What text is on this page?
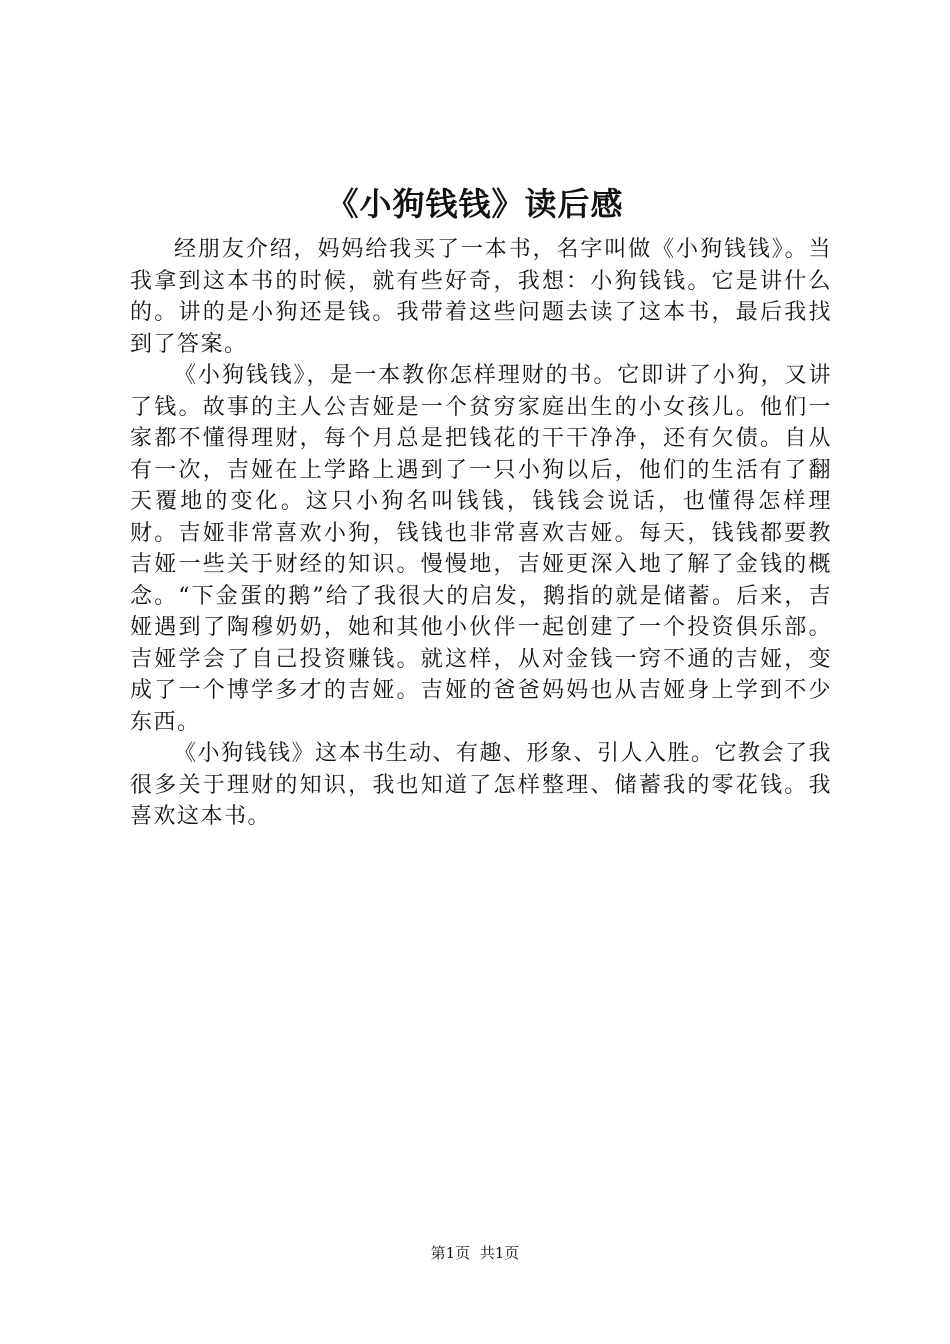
《小狗钱钱》读后感

经朋友介绍，妈妈给我买了一本书，名字叫做《小狗钱钱》。当我拿到这本书的时候，就有些好奇，我想：小狗钱钱。它是讲什么的。讲的是小狗还是钱。我带着这些问题去读了这本书，最后我找到了答案。

《小狗钱钱》，是一本教你怎样理财的书。它即讲了小狗，又讲了钱。故事的主人公吉娅是一个贫穷家庭出生的小女孩儿。他们一家都不懂得理财，每个月总是把钱花的干干净净，还有欠债。自从有一次，吉娅在上学路上遇到了一只小狗以后，他们的生活有了翻天覆地的变化。这只小狗名叫钱钱，钱钱会说话，也懂得怎样理财。吉娅非常喜欢小狗，钱钱也非常喜欢吉娅。每天，钱钱都要教吉娅一些关于财经的知识。慢慢地，吉娅更深入地了解了金钱的概念。“下金蛋的鹅”给了我很大的启发，鹅指的就是储蓄。后来，吉娅遇到了陶穆奶奶，她和其他小伙伴一起创建了一个投资俱乐部。吉娅学会了自己投资赚钱。就这样，从对金钱一窍不通的吉娅，变成了一个博学多才的吉娅。吉娅的爸爸妈妈也从吉娅身上学到不少东西。

《小狗钱钱》这本书生动、有趣、形象、引人入胜。它教会了我很多关于理财的知识，我也知道了怎样整理、储蓄我的零花钱。我喜欢这本书。

第1页 共1页
